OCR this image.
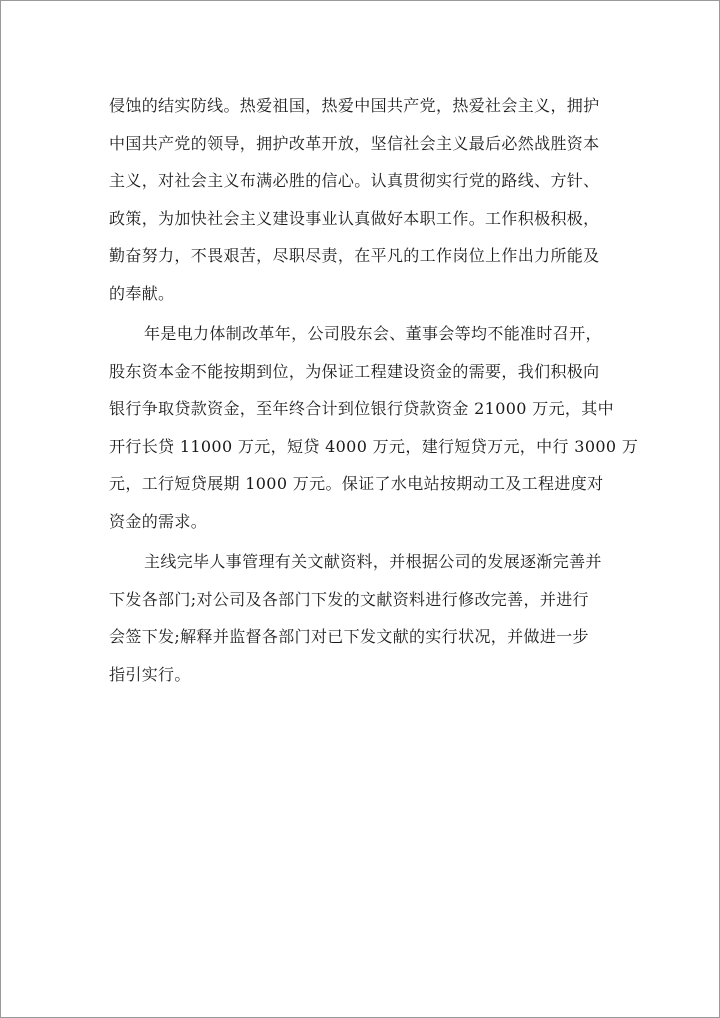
侵蚀的结实防线。热爱祖国，热爱中国共产党，热爱社会主义，拥护
中国共产党的领导，拥护改革开放，坚信社会主义最后必然战胜资本
主义，对社会主义布满必胜的信心。认真贯彻实行党的路线、方针、
政策，为加快社会主义建设事业认真做好本职工作。工作积极积极，
勤奋努力，不畏艰苦，尽职尽责，在平凡的工作岗位上作出力所能及
的奉献。
年是电力体制改革年，公司股东会、董事会等均不能准时召开，
股东资本金不能按期到位，为保证工程建设资金的需要，我们积极向
银行争取贷款资金，至年终合计到位银行贷款资金 21000 万元，其中
开行长贷 11000 万元，短贷 4000 万元，建行短贷万元，中行 3000 万
元，工行短贷展期 1000 万元。保证了水电站按期动工及工程进度对
资金的需求。
主线完毕人事管理有关文献资料，并根据公司的发展逐渐完善并
下发各部门;对公司及各部门下发的文献资料进行修改完善，并进行
会签下发;解释并监督各部门对已下发文献的实行状况，并做进一步
指引实行。
